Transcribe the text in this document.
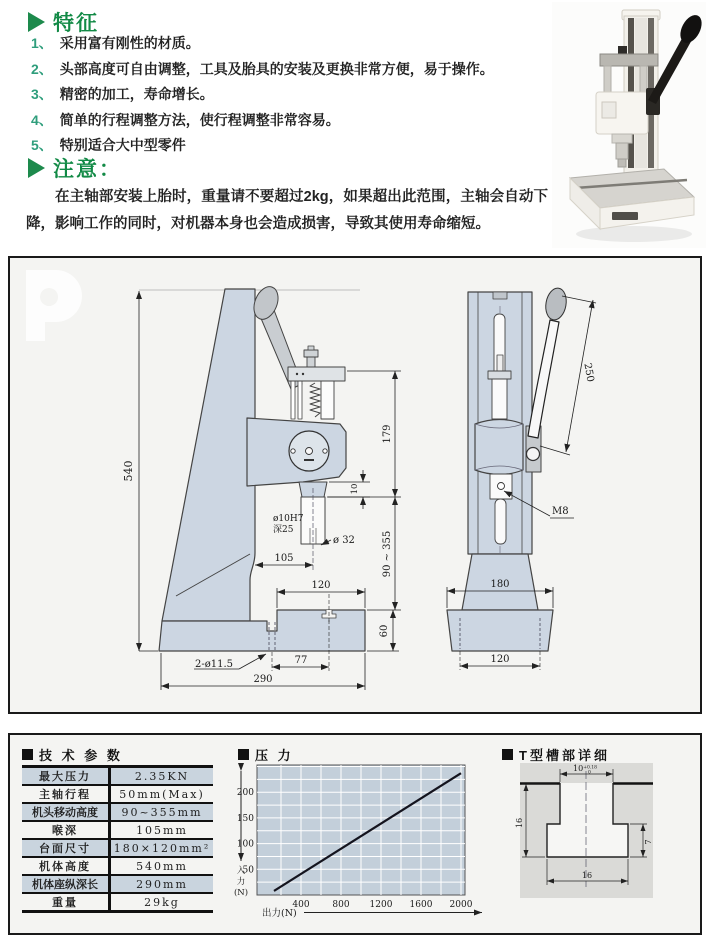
特征
1、 采用富有刚性的材质。
2、 头部高度可自由调整，工具及胎具的安装及更换非常方便，易于操作。
3、 精密的加工，寿命增长。
4、 简单的行程调整方法，使行程调整非常容易。
5、 特别适合大中型零件
注意：
在主轴部安装上胎时，重量请不要超过2kg，如果超出此范围，主轴会自动下降，影响工作的同时，对机器本身也会造成损害，导致其使用寿命缩短。
540
179
10
90 ~ 355
60
ø10H7
深25
ø 32
105
120
77
2-ø11.5
290
250
M8
180
120
技 术 参 数
最大压力	2.35KN
主轴行程	50mm(Max)
机头移动高度	90~355mm
喉深	105mm
台面尺寸	180×120mm²
机体高度	540mm
机体座纵深长	290mm
重量	29kg
压 力
50
100
150
200
400	800 1200 1600 2000
入力(N)
出力(N)
T型槽部详细
$10^{+0.18}$ 0
16
7
16
